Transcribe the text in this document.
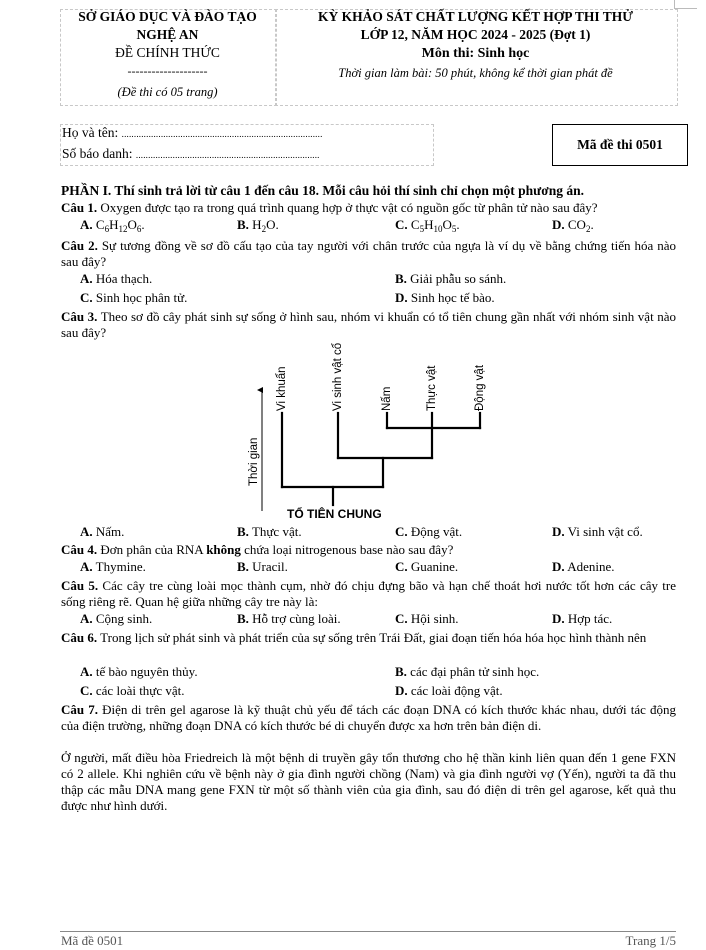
SỞ GIÁO DỤC VÀ ĐÀO TẠO
NGHỆ AN
ĐỀ CHÍNH THỨC
--------------------
(Đề thi có 05 trang)
KỲ KHẢO SÁT CHẤT LƯỢNG KẾT HỢP THI THỬ
LỚP 12, NĂM HỌC 2024 - 2025 (Đợt 1)
Môn thi: Sinh học
Thời gian làm bài: 50 phút, không kể thời gian phát đề
Họ và tên: ..................................................................................
Số báo danh: ...........................................................................
Mã đề thi 0501
PHẦN I. Thí sinh trả lời từ câu 1 đến câu 18. Mỗi câu hỏi thí sinh chỉ chọn một phương án.
Câu 1. Oxygen được tạo ra trong quá trình quang hợp ở thực vật có nguồn gốc từ phân tử nào sau đây?
A. $C_6H_{12}O_6$.	B. $H_2O$.	C. $C_5H_{10}O_5$.	D. $CO_2$.
Câu 2. Sự tương đồng về sơ đồ cấu tạo của tay người với chân trước của ngựa là ví dụ về bằng chứng tiến hóa nào sau đây?
A. Hóa thạch.	B. Giải phẫu so sánh.
C. Sinh học phân tử.	D. Sinh học tế bào.
Câu 3. Theo sơ đồ cây phát sinh sự sống ở hình sau, nhóm vi khuẩn có tổ tiên chung gần nhất với nhóm sinh vật nào sau đây?
Thời gian
Vi khuẩn	Vi sinh vật cổ	Nấm	Thực vật	Động vật
TỔ TIÊN CHUNG
A. Nấm.	B. Thực vật.	C. Động vật.	D. Vi sinh vật cổ.
Câu 4. Đơn phân của RNA không chứa loại nitrogenous base nào sau đây?
A. Thymine.	B. Uracil.	C. Guanine.	D. Adenine.
Câu 5. Các cây tre cùng loài mọc thành cụm, nhờ đó chịu đựng bão và hạn chế thoát hơi nước tốt hơn các cây tre sống riêng rẽ. Quan hệ giữa những cây tre này là:
A. Cộng sinh.	B. Hỗ trợ cùng loài.	C. Hội sinh.	D. Hợp tác.
Câu 6. Trong lịch sử phát sinh và phát triển của sự sống trên Trái Đất, giai đoạn tiến hóa hóa học hình thành nên
A. tế bào nguyên thủy.	B. các đại phân tử sinh học.
C. các loài thực vật.	D. các loài động vật.
Câu 7. Điện di trên gel agarose là kỹ thuật chủ yếu để tách các đoạn DNA có kích thước khác nhau, dưới tác động của điện trường, những đoạn DNA có kích thước bé di chuyển được xa hơn trên bản điện di.
Ở người, mất điều hòa Friedreich là một bệnh di truyền gây tổn thương cho hệ thần kinh liên quan đến 1 gene FXN có 2 allele. Khi nghiên cứu về bệnh này ở gia đình người chồng (Nam) và gia đình người vợ (Yến), người ta đã thu thập các mẫu DNA mang gene FXN từ một số thành viên của gia đình, sau đó điện di trên gel agarose, kết quả thu được như hình dưới.
Mã đề 0501	Trang 1/5
